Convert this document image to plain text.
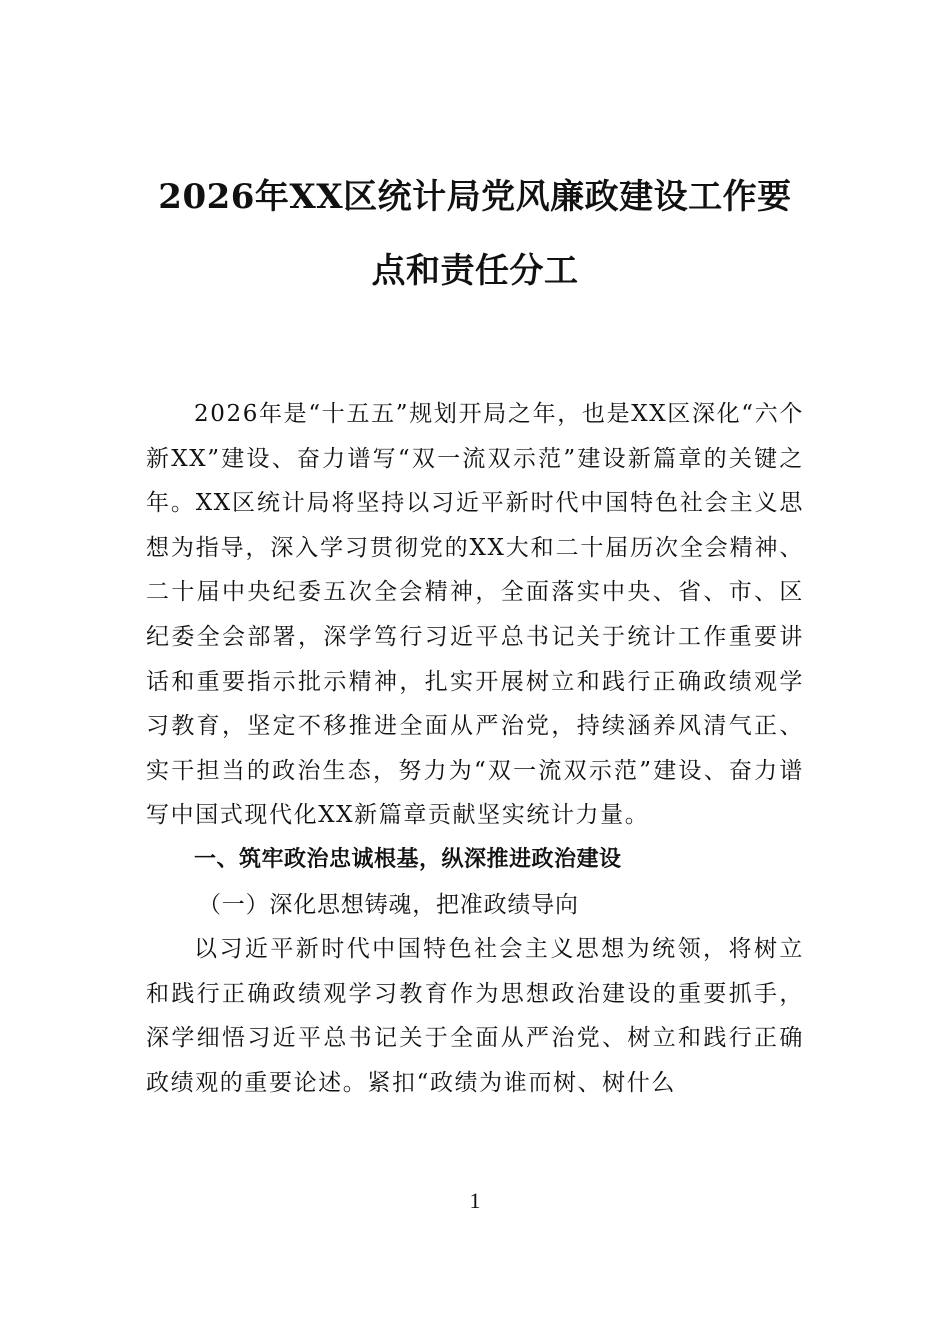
2026年XX区统计局党风廉政建设工作要
点和责任分工

2026年是“十五五”规划开局之年，也是XX区深化“六个新XX”建设、奋力谱写“双一流双示范”建设新篇章的关键之年。XX区统计局将坚持以习近平新时代中国特色社会主义思想为指导，深入学习贯彻党的XX大和二十届历次全会精神、二十届中央纪委五次全会精神，全面落实中央、省、市、区纪委全会部署，深学笃行习近平总书记关于统计工作重要讲话和重要指示批示精神，扎实开展树立和践行正确政绩观学习教育，坚定不移推进全面从严治党，持续涵养风清气正、实干担当的政治生态，努力为“双一流双示范”建设、奋力谱写中国式现代化XX新篇章贡献坚实统计力量。

一、筑牢政治忠诚根基，纵深推进政治建设

（一）深化思想铸魂，把准政绩导向

以习近平新时代中国特色社会主义思想为统领，将树立和践行正确政绩观学习教育作为思想政治建设的重要抓手，深学细悟习近平总书记关于全面从严治党、树立和践行正确政绩观的重要论述。紧扣“政绩为谁而树、树什么

1
